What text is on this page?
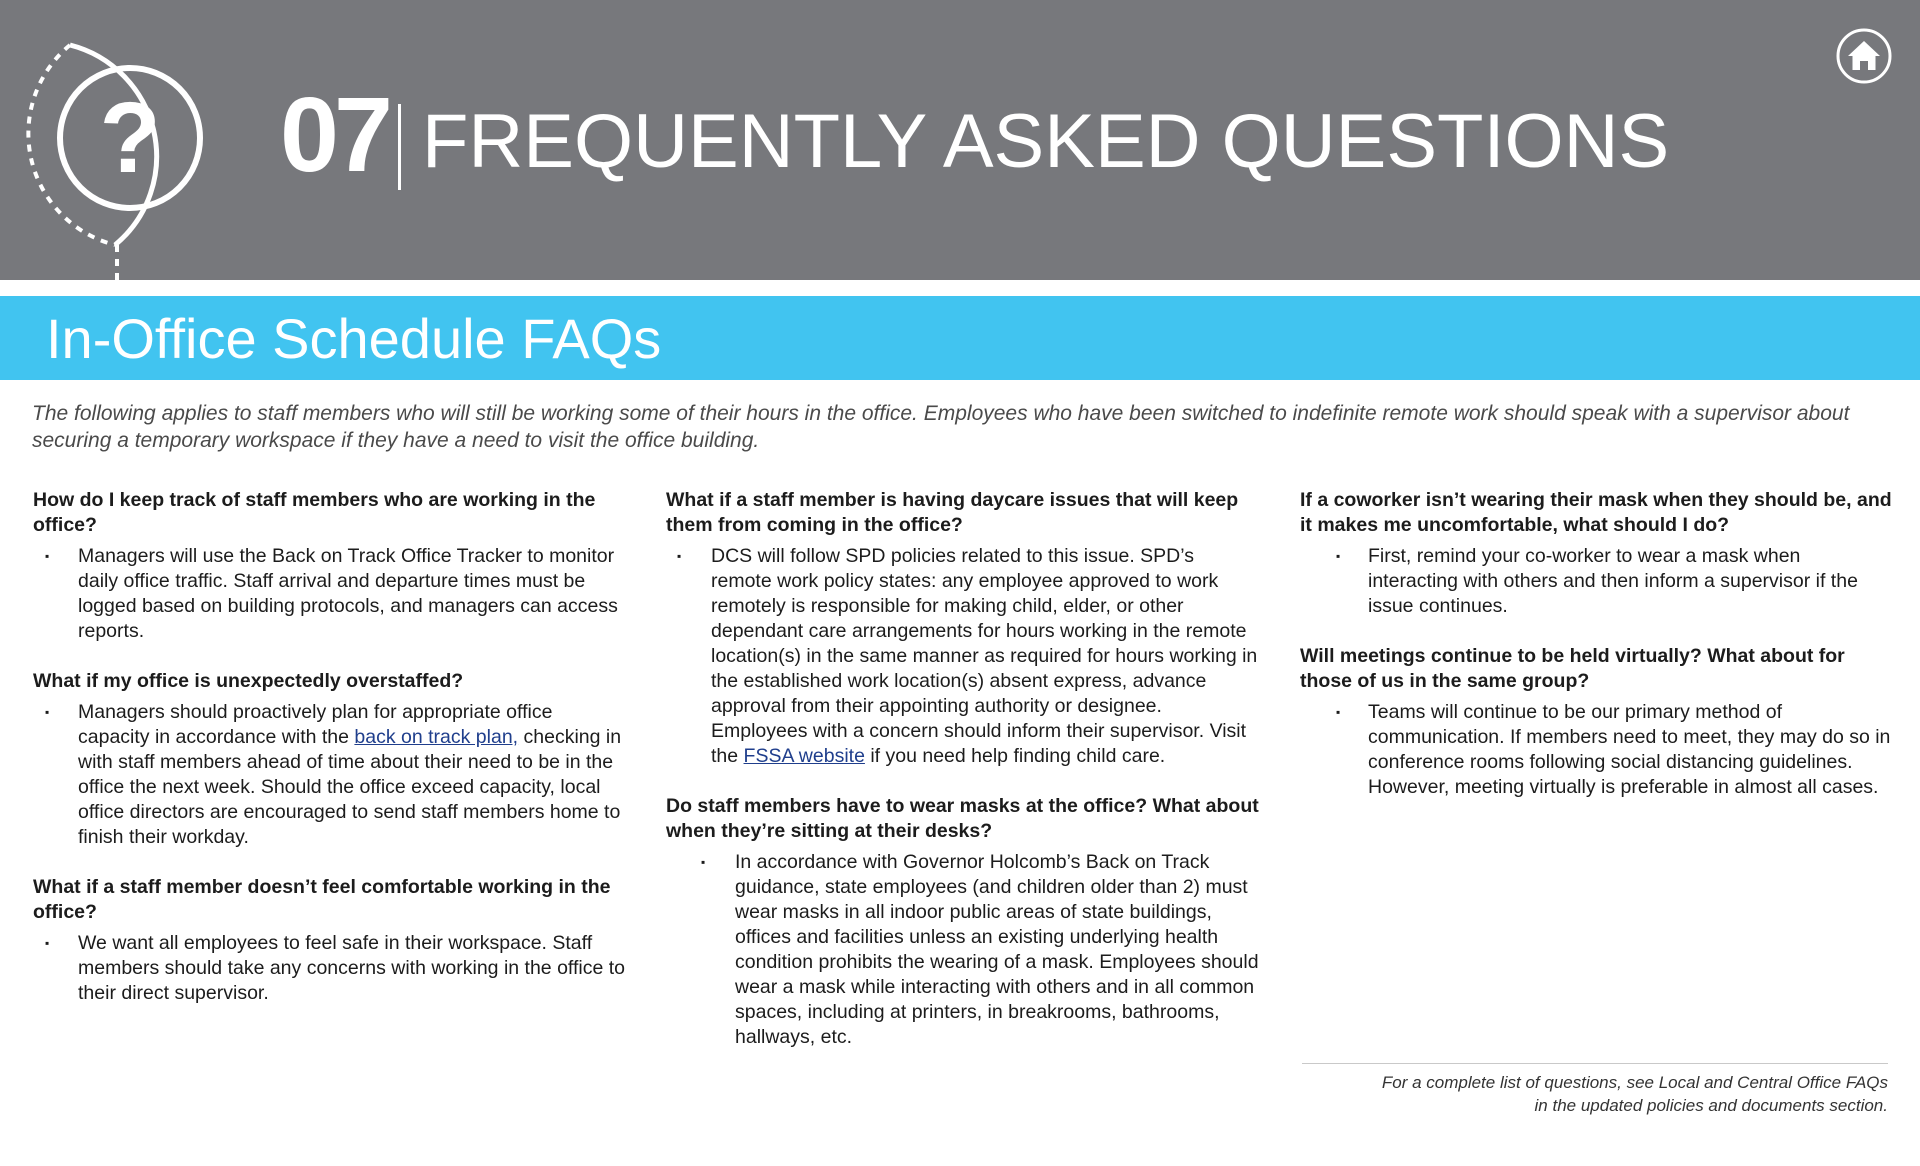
? 07 FREQUENTLY ASKED QUESTIONS
In-Office Schedule FAQs
The following applies to staff members who will still be working some of their hours in the office. Employees who have been switched to indefinite remote work should speak with a supervisor about securing a temporary workspace if they have a need to visit the office building.
How do I keep track of staff members who are working in the office?
▪ Managers will use the Back on Track Office Tracker to monitor daily office traffic. Staff arrival and departure times must be logged based on building protocols, and managers can access reports.
What if my office is unexpectedly overstaffed?
▪ Managers should proactively plan for appropriate office capacity in accordance with the back on track plan, checking in with staff members ahead of time about their need to be in the office the next week. Should the office exceed capacity, local office directors are encouraged to send staff members home to finish their workday.
What if a staff member doesn’t feel comfortable working in the office?
▪ We want all employees to feel safe in their workspace. Staff members should take any concerns with working in the office to their direct supervisor.
What if a staff member is having daycare issues that will keep them from coming in the office?
▪ DCS will follow SPD policies related to this issue. SPD’s remote work policy states: any employee approved to work remotely is responsible for making child, elder, or other dependant care arrangements for hours working in the remote location(s) in the same manner as required for hours working in the established work location(s) absent express, advance approval from their appointing authority or designee. Employees with a concern should inform their supervisor. Visit the FSSA website if you need help finding child care.
Do staff members have to wear masks at the office? What about when they’re sitting at their desks?
▪ In accordance with Governor Holcomb’s Back on Track guidance, state employees (and children older than 2) must wear masks in all indoor public areas of state buildings, offices and facilities unless an existing underlying health condition prohibits the wearing of a mask. Employees should wear a mask while interacting with others and in all common spaces, including at printers, in breakrooms, bathrooms, hallways, etc.
If a coworker isn’t wearing their mask when they should be, and it makes me uncomfortable, what should I do?
▪ First, remind your co-worker to wear a mask when interacting with others and then inform a supervisor if the issue continues.
Will meetings continue to be held virtually? What about for those of us in the same group?
▪ Teams will continue to be our primary method of communication. If members need to meet, they may do so in conference rooms following social distancing guidelines. However, meeting virtually is preferable in almost all cases.
For a complete list of questions, see Local and Central Office FAQs
in the updated policies and documents section.
